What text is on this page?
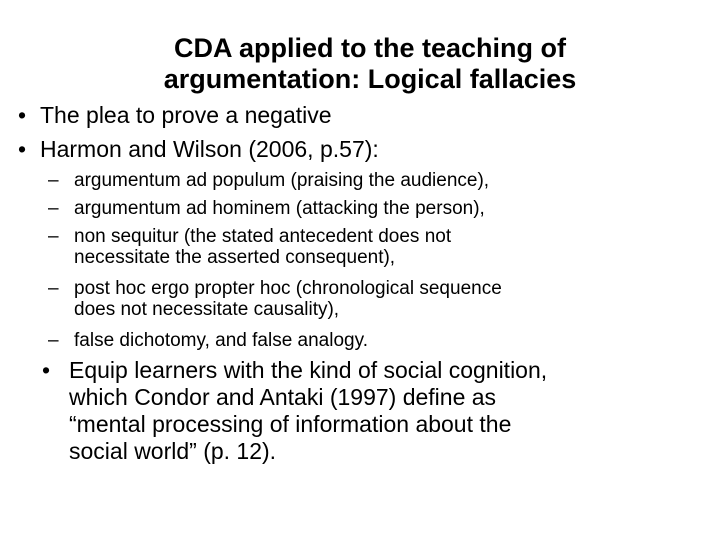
CDA applied to the teaching of
argumentation: Logical fallacies
• The plea to prove a negative
• Harmon and Wilson (2006, p.57):
– argumentum ad populum (praising the audience),
– argumentum ad hominem (attacking the person),
– non sequitur (the stated antecedent does not
necessitate the asserted consequent),
– post hoc ergo propter hoc (chronological sequence
does not necessitate causality),
– false dichotomy, and false analogy.
• Equip learners with the kind of social cognition,
which Condor and Antaki (1997) define as
“mental processing of information about the
social world” (p. 12).
